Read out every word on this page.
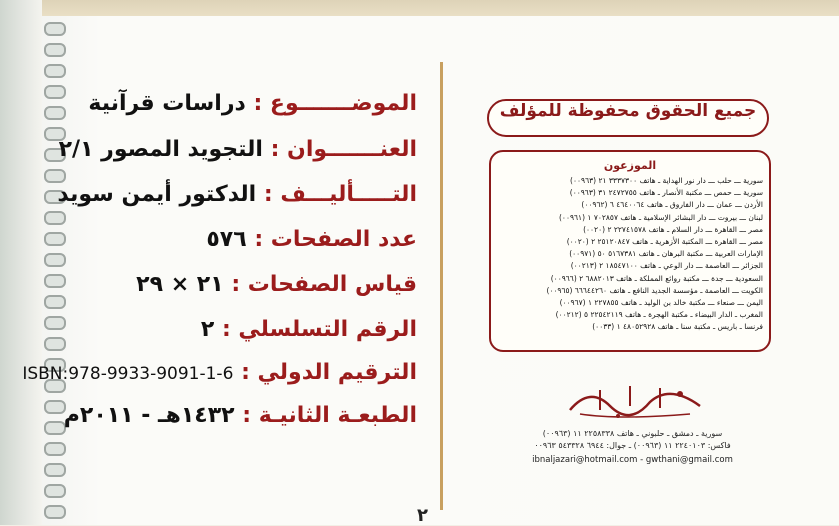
الموضـــــــوع : دراسات قرآنية
العنـــــــوان : التجويد المصور ٢/١
التـــــأليـــف : الدكتور أيمن سويد
عدد الصفحات : ٥٧٦
قياس الصفحات : ٢١ × ٢٩
الرقم التسلسلي : ٢
الترقيم الدولي : ISBN:978-9933-9091-1-6
الطبعـة الثانيـة : ١٤٣٢هـ - ٢٠١١م
جميع الحقوق محفوظة للمؤلف
الموزعون
سورية ـــ حلب ـــ دار نور الهداية ـ هاتف ٣٣٣٧٣٠٠ ٢١ (٠٠٩٦٣)
سورية ـــ حمص ـــ مكتبة الأنصار ـ هاتف ٢٤٧٢٧٥٥ ٣١ (٠٠٩٦٣)
الأردن ـــ عمان ـــ دار الفاروق ـ هاتف ٤٦٤٠٠٦٤ ٦ (٠٠٩٦٢)
لبنان ـــ بيروت ـــ دار البشائر الإسلامية ـ هاتف ٧٠٢٨٥٧ ١ (٠٠٩٦١)
مصر ـــ القاهرة ـــ دار السلام ـ هاتف ٢٢٧٤١٥٧٨ ٢ (٠٠٢٠)
مصر ـــ القاهرة ـــ المكتبة الأزهرية ـ هاتف ٢٥١٢٠٨٤٧ ٢ (٠٠٢٠)
الإمارات العربية ـــ مكتبة البرهان ـ هاتف ٥١٦٧٣٨١ ٥٠ (٠٠٩٧١)
الجزائر ـــ العاصمة ـــ دار الوعي ـ هاتف ١٨٥٤٧١٠٠ ٢ (٠٠٢١٣)
السعودية ـــ جدة ـــ مكتبة روائع المملكة ـ هاتف ٦٨٨٢٠١٣ ٢ (٠٠٩٦٦)
الكويت ـــ العاصمة ـ مؤسسة الجديد النافع ـ هاتف ٦٦٦٤٤٢٦٠ (٠٠٩٦٥)
اليمن ـــ صنعاء ـــ مكتبة خالد بن الوليد ـ هاتف ٢٢٧٨٥٥ ١ (٠٠٩٦٧)
المغرب ـ الدار البيضاء ـ مكتبة الهجرة ـ هاتف ٢٢٥٤٢١١٩ ٥ (٠٠٢١٢)
فرنسا ـ باريس ـ مكتبة سنا ـ هاتف ٤٨٠٥٢٩٢٨ ١ (٠٠٣٣)
سورية ـ دمشق ـ حلبوني ـ هاتف ٢٢٥٨٣٣٨ ١١ (٠٠٩٦٣)
فاكس: ٢٢٤٠١٠٣ ١١ (٠٠٩٦٣) ـ جوال: ٦٩٤٤ ٥٤٣٣٢٨ ٠٠٩٦٣
ibnaljazari@hotmail.com - gwthani@gmail.com
٢
